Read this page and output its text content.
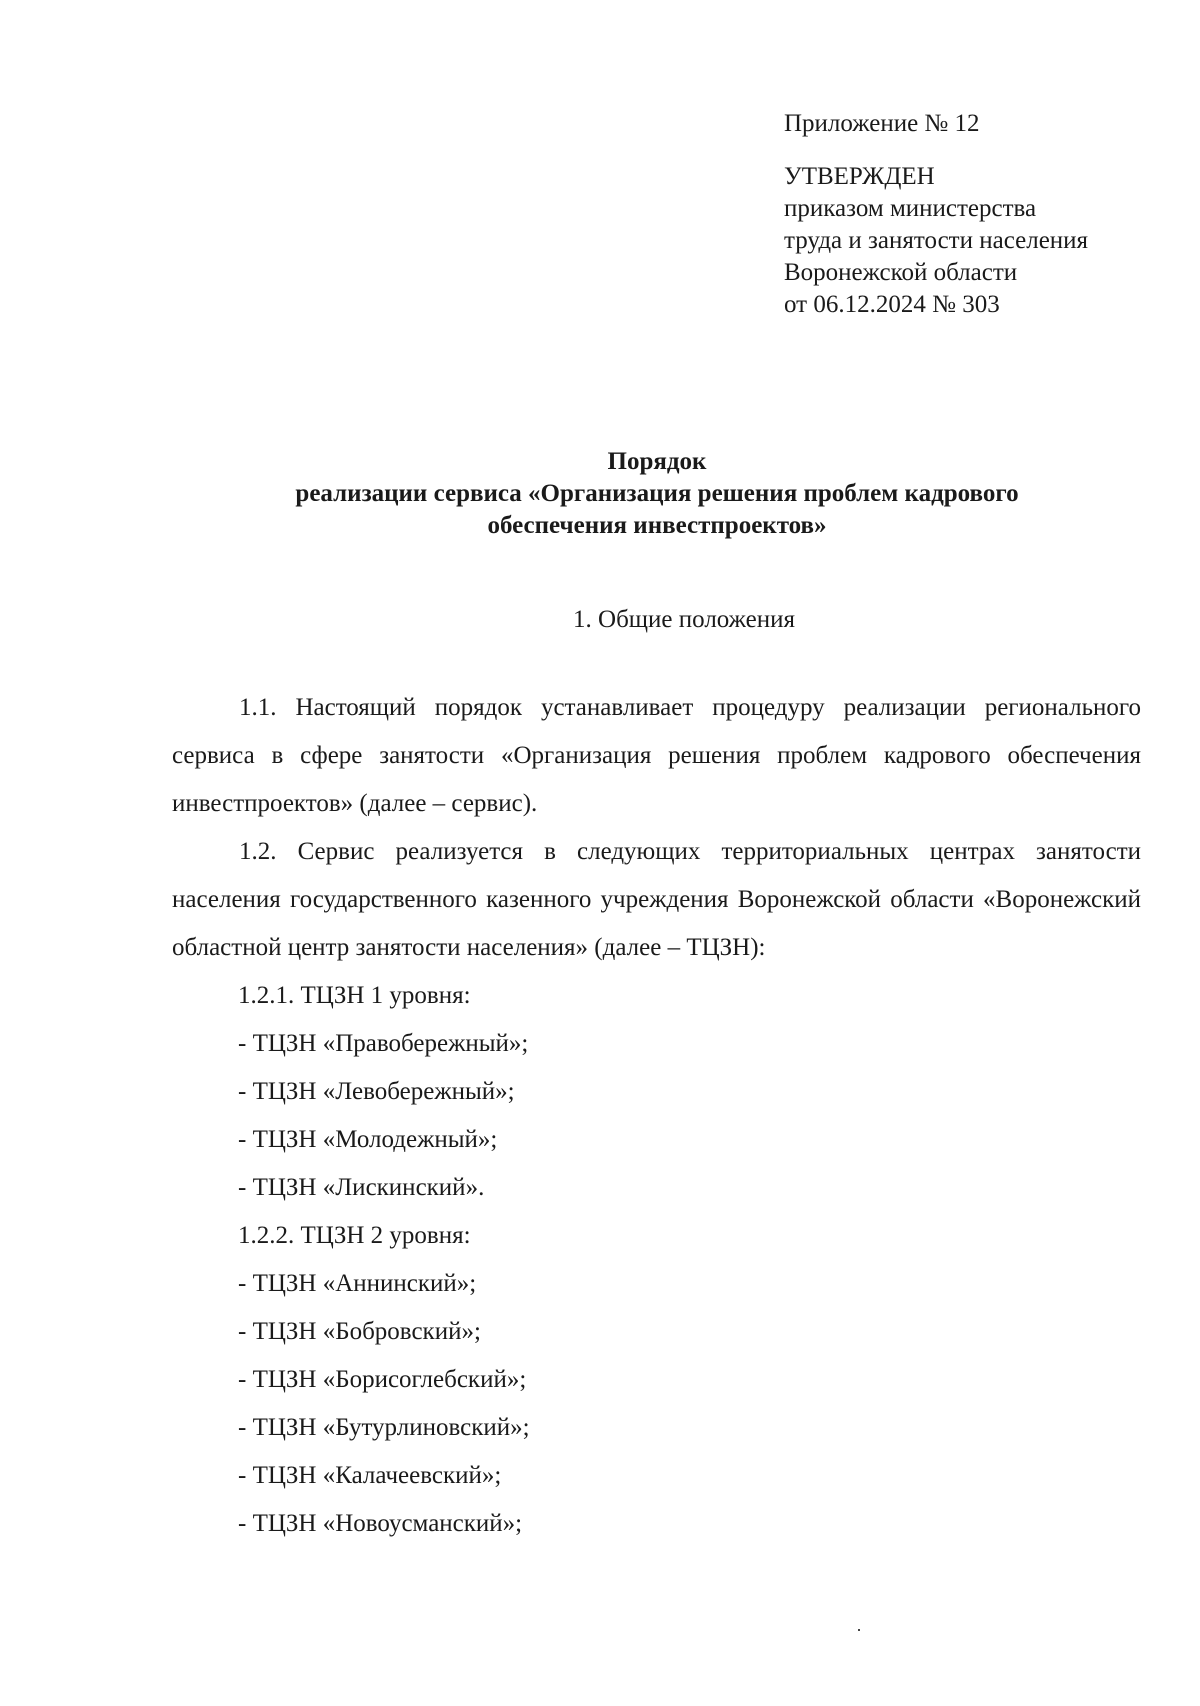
Приложение № 12
УТВЕРЖДЕН
приказом министерства
труда и занятости населения
Воронежской области
от 06.12.2024 № 303
Порядок
реализации сервиса «Организация решения проблем кадрового
обеспечения инвестпроектов»
1. Общие положения

1.1. Настоящий порядок устанавливает процедуру реализации регионального сервиса в сфере занятости «Организация решения проблем кадрового обеспечения инвестпроектов» (далее – сервис).

1.2. Сервис реализуется в следующих территориальных центрах занятости населения государственного казенного учреждения Воронежской области «Воронежский областной центр занятости населения» (далее – ТЦЗН):

1.2.1. ТЦЗН 1 уровня:

- ТЦЗН «Правобережный»;

- ТЦЗН «Левобережный»;

- ТЦЗН «Молодежный»;

- ТЦЗН «Лискинский».

1.2.2. ТЦЗН 2 уровня:

- ТЦЗН «Аннинский»;

- ТЦЗН «Бобровский»;

- ТЦЗН «Борисоглебский»;

- ТЦЗН «Бутурлиновский»;

- ТЦЗН «Калачеевский»;

- ТЦЗН «Новоусманский»;
